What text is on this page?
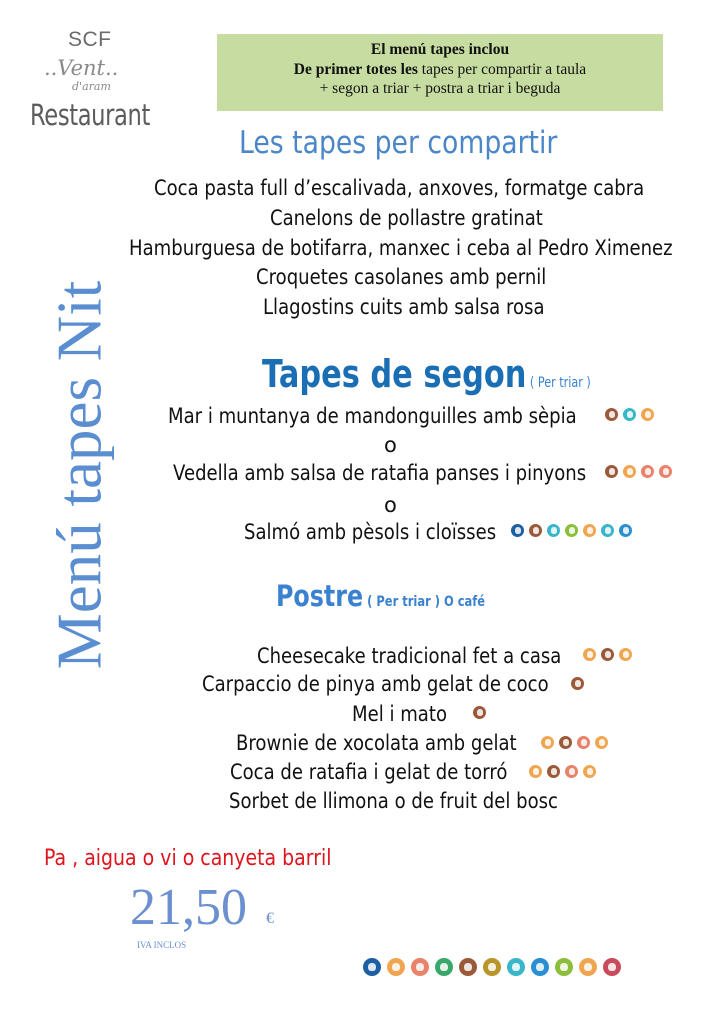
SCF
..Vent..
d'aram
Restaurant
El menú tapes inclou
De primer totes les tapes per compartir a taula
+ segon a triar + postra a triar i beguda
Menú tapes Nit
Les tapes per compartir
Coca pasta full d’escalivada, anxoves, formatge cabra
Canelons de pollastre gratinat
Hamburguesa de botifarra, manxec i ceba al Pedro Ximenez
Croquetes casolanes amb pernil
Llagostins cuits amb salsa rosa
Tapes de segon ( Per triar )
Mar i muntanya de mandonguilles amb sèpia
o
Vedella amb salsa de ratafia panses i pinyons
o
Salmó amb pèsols i cloïsses
Postre ( Per triar ) O café
Cheesecake tradicional fet a casa
Carpaccio de pinya amb gelat de coco
Mel i mato
Brownie de xocolata amb gelat
Coca de ratafia i gelat de torró
Sorbet de llimona o de fruit del bosc
Pa , aigua o vi o canyeta barril
21,50 €
IVA INCLOS
